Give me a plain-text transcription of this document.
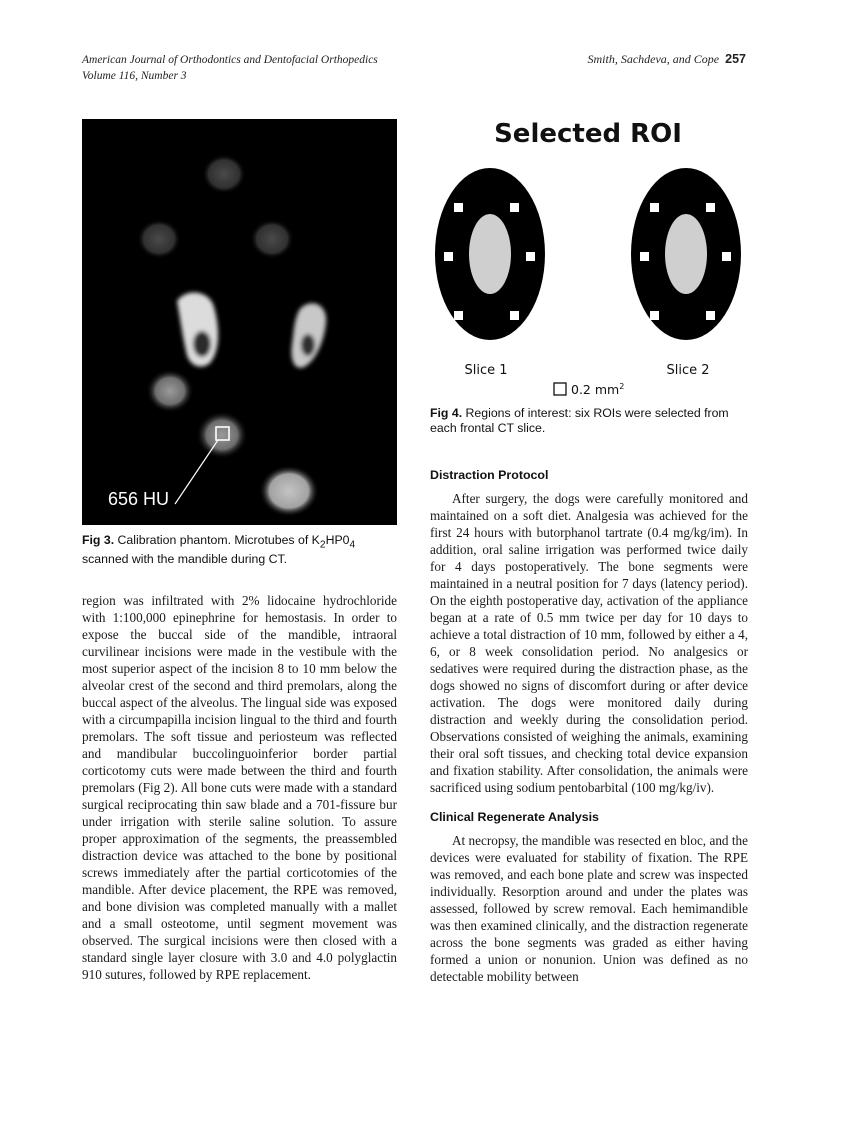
American Journal of Orthodontics and Dentofacial Orthopedics
Volume 116, Number 3
Smith, Sachdeva, and Cope 257
656 HU
Fig 3. Calibration phantom. Microtubes of $K_2HP0_4$ scanned with the mandible during CT.
Selected ROI
Slice 1	Slice 2
0.2 $mm^2$
Fig 4. Regions of interest: six ROIs were selected from each frontal CT slice.

region was infiltrated with 2% lidocaine hydrochloride with 1:100,000 epinephrine for hemostasis. In order to expose the buccal side of the mandible, intraoral curvilinear incisions were made in the vestibule with the most superior aspect of the incision 8 to 10 mm below the alveolar crest of the second and third premolars, along the buccal aspect of the alveolus. The lingual side was exposed with a circumpapilla incision lingual to the third and fourth premolars. The soft tissue and periosteum was reflected and mandibular buccolinguoinferior border partial corticotomy cuts were made between the third and fourth premolars (Fig 2). All bone cuts were made with a standard surgical reciprocating thin saw blade and a 701-fissure bur under irrigation with sterile saline solution. To assure proper approximation of the segments, the preassembled distraction device was attached to the bone by positional screws immediately after the partial corticotomies of the mandible. After device placement, the RPE was removed, and bone division was completed manually with a mallet and a small osteotome, until segment movement was observed. The surgical incisions were then closed with a standard single layer closure with 3.0 and 4.0 polyglactin 910 sutures, followed by RPE replacement.

Distraction Protocol

After surgery, the dogs were carefully monitored and maintained on a soft diet. Analgesia was achieved for the first 24 hours with butorphanol tartrate (0.4 mg/kg/im). In addition, oral saline irrigation was performed twice daily for 4 days postoperatively. The bone segments were maintained in a neutral position for 7 days (latency period). On the eighth postoperative day, activation of the appliance began at a rate of 0.5 mm twice per day for 10 days to achieve a total distraction of 10 mm, followed by either a 4, 6, or 8 week consolidation period. No analgesics or sedatives were required during the distraction phase, as the dogs showed no signs of discomfort during or after device activation. The dogs were monitored daily during distraction and weekly during the consolidation period. Observations consisted of weighing the animals, examining their oral soft tissues, and checking total device expansion and fixation stability. After consolidation, the animals were sacrificed using sodium pentobarbital (100 mg/kg/iv).

Clinical Regenerate Analysis

At necropsy, the mandible was resected en bloc, and the devices were evaluated for stability of fixation. The RPE was removed, and each bone plate and screw was inspected individually. Resorption around and under the plates was assessed, followed by screw removal. Each hemimandible was then examined clinically, and the distraction regenerate across the bone segments was graded as either having formed a union or nonunion. Union was defined as no detectable mobility between
